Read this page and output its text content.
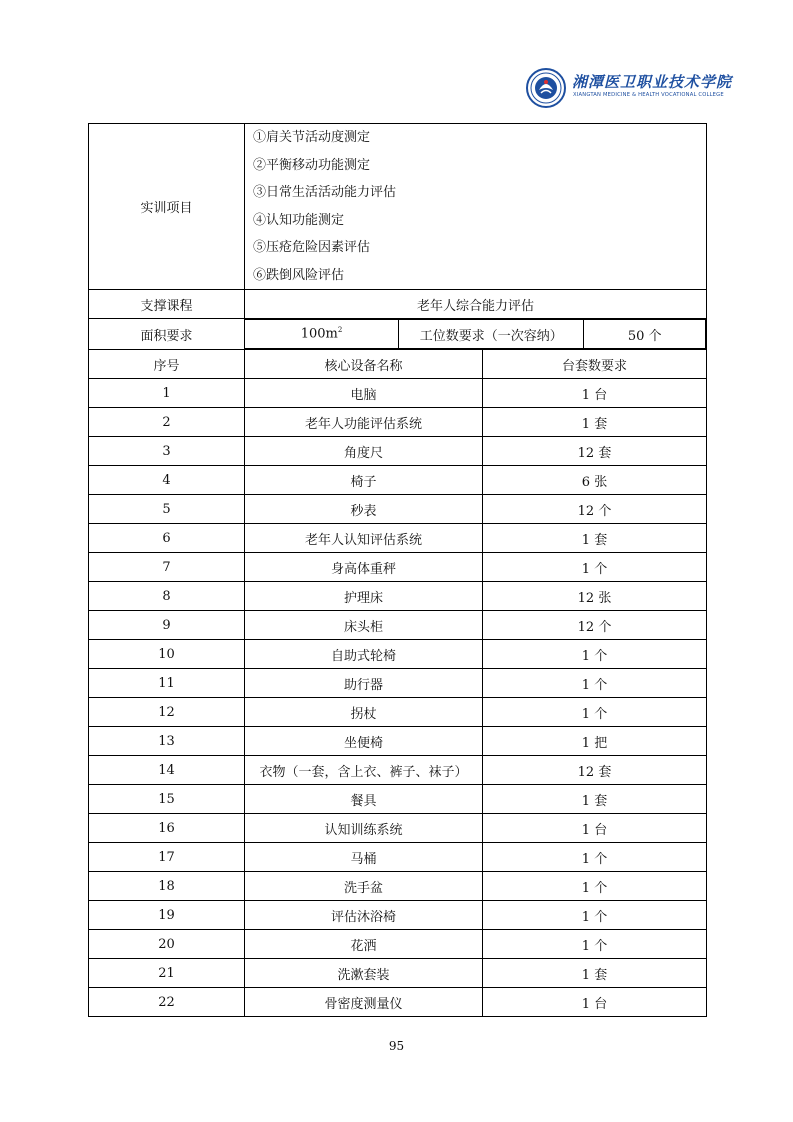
湘潭医卫职业技术学院
XIANGTAN MEDICINE & HEALTH VOCATIONAL COLLEGE
实训项目	
①肩关节活动度测定
②平衡移动功能测定
③日常生活活动能力评估
④认知功能测定
⑤压疮危险因素评估
⑥跌倒风险评估

支撑课程	老年人综合能力评估
面积要求		$100m^2$	工位数要求（一次容纳）	50 个

序号	核心设备名称	台套数要求
1	电脑	1 台
2	老年人功能评估系统	1 套
3	角度尺	12 套
4	椅子	6 张
5	秒表	12 个
6	老年人认知评估系统	1 套
7	身高体重秤	1 个
8	护理床	12 张
9	床头柜	12 个
10	自助式轮椅	1 个
11	助行器	1 个
12	拐杖	1 个
13	坐便椅	1 把
14	衣物（一套，含上衣、裤子、袜子）	12 套
15	餐具	1 套
16	认知训练系统	1 台
17	马桶	1 个
18	洗手盆	1 个
19	评估沐浴椅	1 个
20	花洒	1 个
21	洗漱套装	1 套
22	骨密度测量仪	1 台
95
